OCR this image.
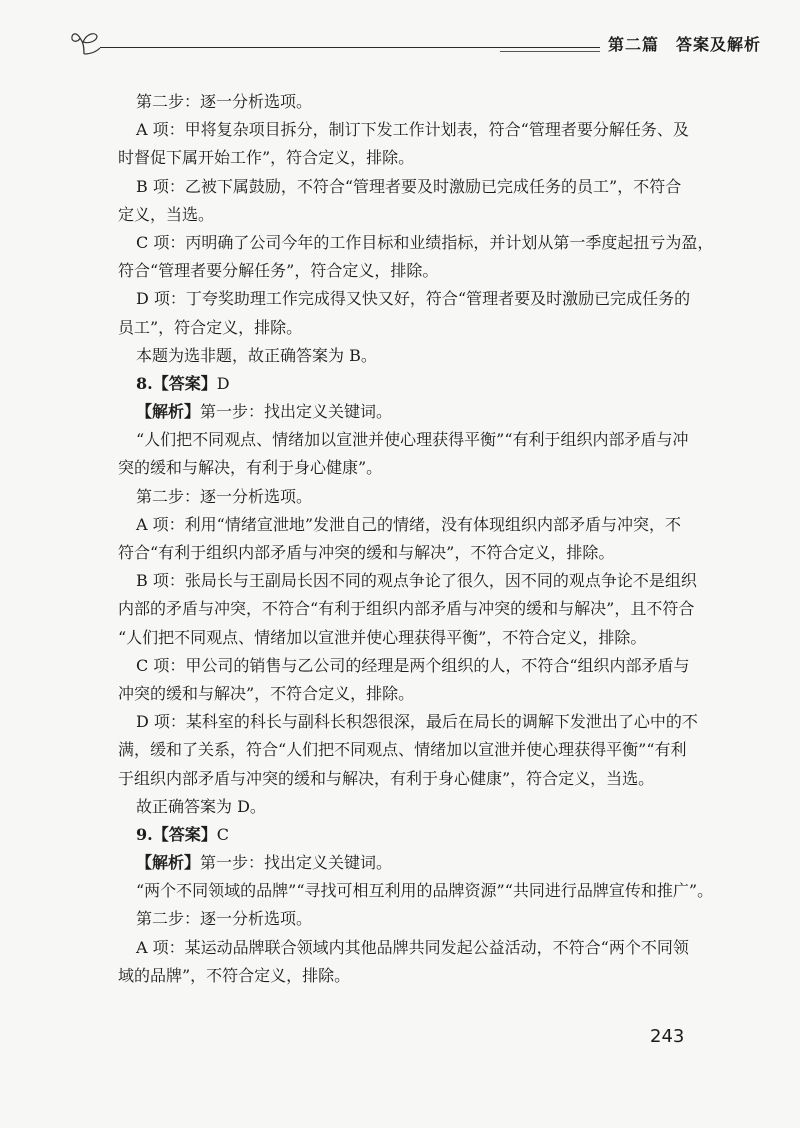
第二篇　答案及解析
第二步：逐一分析选项。
A 项：甲将复杂项目拆分，制订下发工作计划表，符合“管理者要分解任务、及
时督促下属开始工作”，符合定义，排除。
B 项：乙被下属鼓励，不符合“管理者要及时激励已完成任务的员工”，不符合
定义，当选。
C 项：丙明确了公司今年的工作目标和业绩指标，并计划从第一季度起扭亏为盈，
符合“管理者要分解任务”，符合定义，排除。
D 项：丁夸奖助理工作完成得又快又好，符合“管理者要及时激励已完成任务的
员工”，符合定义，排除。
本题为选非题，故正确答案为 B。
8.【答案】D
【解析】第一步：找出定义关键词。
“人们把不同观点、情绪加以宣泄并使心理获得平衡”“有利于组织内部矛盾与冲
突的缓和与解决，有利于身心健康”。
第二步：逐一分析选项。
A 项：利用“情绪宣泄地”发泄自己的情绪，没有体现组织内部矛盾与冲突，不
符合“有利于组织内部矛盾与冲突的缓和与解决”，不符合定义，排除。
B 项：张局长与王副局长因不同的观点争论了很久，因不同的观点争论不是组织
内部的矛盾与冲突，不符合“有利于组织内部矛盾与冲突的缓和与解决”，且不符合
“人们把不同观点、情绪加以宣泄并使心理获得平衡”，不符合定义，排除。
C 项：甲公司的销售与乙公司的经理是两个组织的人，不符合“组织内部矛盾与
冲突的缓和与解决”，不符合定义，排除。
D 项：某科室的科长与副科长积怨很深，最后在局长的调解下发泄出了心中的不
满，缓和了关系，符合“人们把不同观点、情绪加以宣泄并使心理获得平衡”“有利
于组织内部矛盾与冲突的缓和与解决，有利于身心健康”，符合定义，当选。
故正确答案为 D。
9.【答案】C
【解析】第一步：找出定义关键词。
“两个不同领域的品牌”“寻找可相互利用的品牌资源”“共同进行品牌宣传和推广”。
第二步：逐一分析选项。
A 项：某运动品牌联合领域内其他品牌共同发起公益活动，不符合“两个不同领
域的品牌”，不符合定义，排除。
243
